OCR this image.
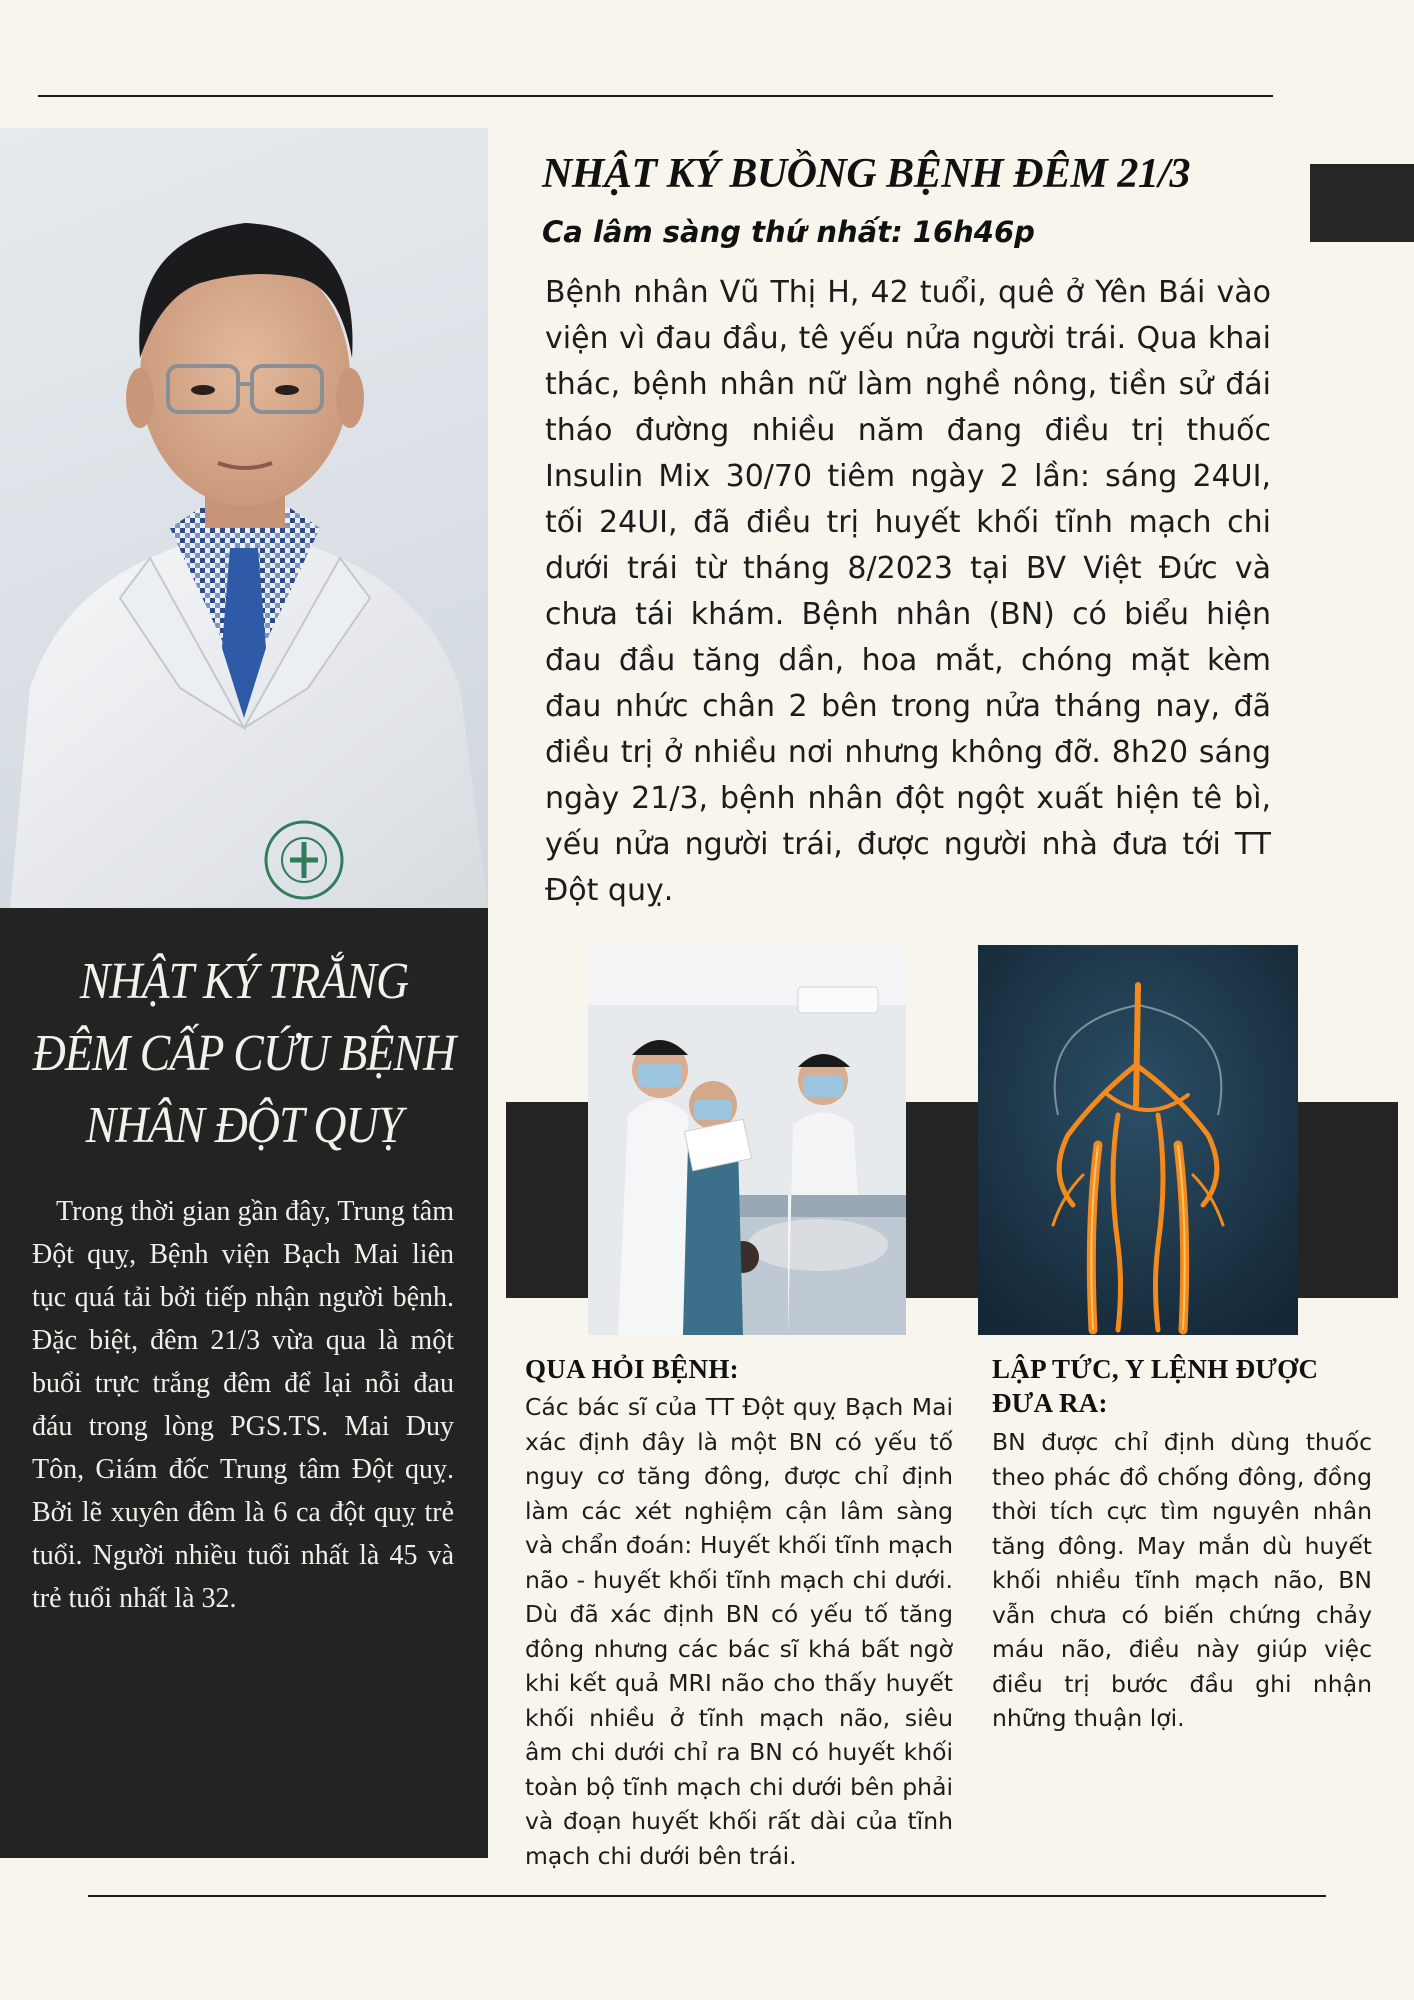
NHẬT KÝ TRẮNG ĐÊM CẤP CỨU BỆNH NHÂN ĐỘT QUỴ

Trong thời gian gần đây, Trung tâm Đột quỵ, Bệnh viện Bạch Mai liên tục quá tải bởi tiếp nhận người bệnh. Đặc biệt, đêm 21/3 vừa qua là một buổi trực trắng đêm để lại nỗi đau đáu trong lòng PGS.TS. Mai Duy Tôn, Giám đốc Trung tâm Đột quỵ. Bởi lẽ xuyên đêm là 6 ca đột quỵ trẻ tuổi. Người nhiều tuổi nhất là 45 và trẻ tuổi nhất là 32.

NHẬT KÝ BUỒNG BỆNH ĐÊM 21/3
Ca lâm sàng thứ nhất: 16h46p

Bệnh nhân Vũ Thị H, 42 tuổi, quê ở Yên Bái vào viện vì đau đầu, tê yếu nửa người trái. Qua khai thác, bệnh nhân nữ làm nghề nông, tiền sử đái tháo đường nhiều năm đang điều trị thuốc Insulin Mix 30/70 tiêm ngày 2 lần: sáng 24UI, tối 24UI, đã điều trị huyết khối tĩnh mạch chi dưới trái từ tháng 8/2023 tại BV Việt Đức và chưa tái khám. Bệnh nhân (BN) có biểu hiện đau đầu tăng dần, hoa mắt, chóng mặt kèm đau nhức chân 2 bên trong nửa tháng nay, đã điều trị ở nhiều nơi nhưng không đỡ. 8h20 sáng ngày 21/3, bệnh nhân đột ngột xuất hiện tê bì, yếu nửa người trái, được người nhà đưa tới TT Đột quỵ.

QUA HỎI BỆNH:

Các bác sĩ của TT Đột quỵ Bạch Mai xác định đây là một BN có yếu tố nguy cơ tăng đông, được chỉ định làm các xét nghiệm cận lâm sàng và chẩn đoán: Huyết khối tĩnh mạch não - huyết khối tĩnh mạch chi dưới. Dù đã xác định BN có yếu tố tăng đông nhưng các bác sĩ khá bất ngờ khi kết quả MRI não cho thấy huyết khối nhiều ở tĩnh mạch não, siêu âm chi dưới chỉ ra BN có huyết khối toàn bộ tĩnh mạch chi dưới bên phải và đoạn huyết khối rất dài của tĩnh mạch chi dưới bên trái.

LẬP TỨC, Y LỆNH ĐƯỢC ĐƯA RA:

BN được chỉ định dùng thuốc theo phác đồ chống đông, đồng thời tích cực tìm nguyên nhân tăng đông. May mắn dù huyết khối nhiều tĩnh mạch não, BN vẫn chưa có biến chứng chảy máu não, điều này giúp việc điều trị bước đầu ghi nhận những thuận lợi.
